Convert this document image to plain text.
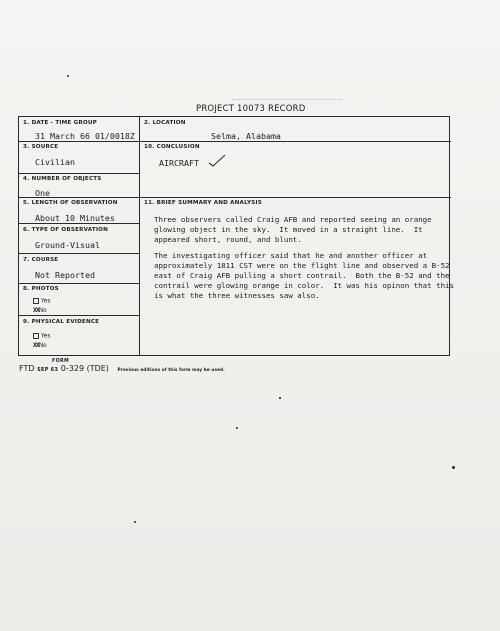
PROJECT 10073 RECORD
1. DATE - TIME GROUP
31 March 66 01/0018Z
2. LOCATION
Selma, Alabama
3. SOURCE
Civilian
10. CONCLUSION
AIRCRAFT
4. NUMBER OF OBJECTS
One
5. LENGTH OF OBSERVATION
About 10 Minutes
11. BRIEF SUMMARY AND ANALYSIS
6. TYPE OF OBSERVATION
Ground-Visual
7. COURSE
Not Reported
8. PHOTOS
Yes
XXNo
9. PHYSICAL EVIDENCE
Yes
XXNo

Three observers called Craig AFB and reported seeing an orange glowing object in the sky.  It moved in a straight line.  It appeared short, round, and blunt.

The investigating officer said that he and another officer at approximately 1811 CST were on the flight line and observed a B-52 east of Craig AFB pulling a short contrail.  Both the B-52 and the contrail were glowing orange in color.  It was his opinon that this is what the three witnesses saw also.

FORM
FTD SEP 63 0-329 (TDE) Previous editions of this form may be used.
